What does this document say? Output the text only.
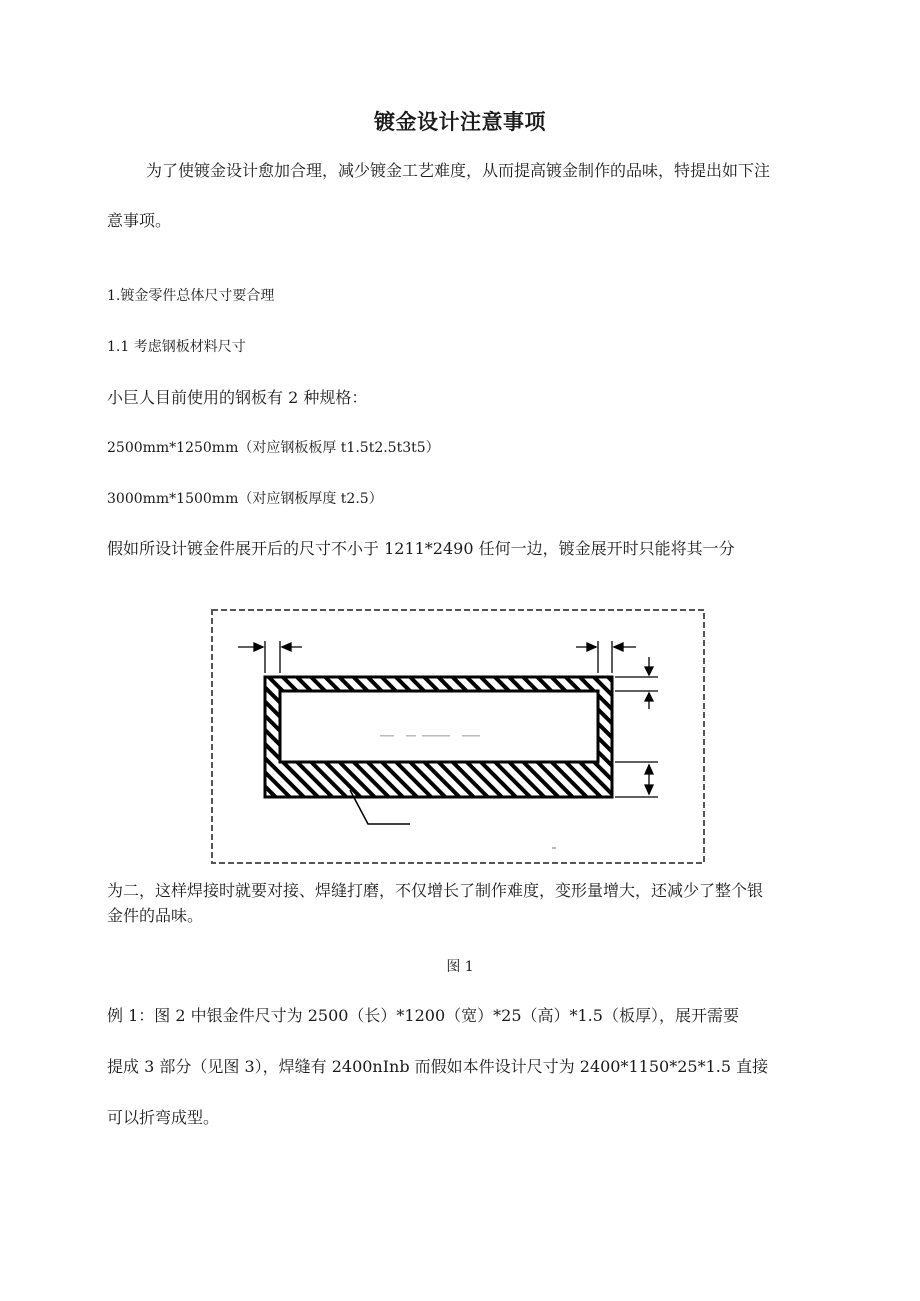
镀金设计注意事项

为了使镀金设计愈加合理，减少镀金工艺难度，从而提高镀金制作的品味，特提出如下注

意事项。

1.镀金零件总体尺寸要合理

1.1 考虑钢板材料尺寸

小巨人目前使用的钢板有 2 种规格：

2500mm*1250mm（对应钢板板厚 t1.5t2.5t3t5）

3000mm*1500mm（对应钢板厚度 t2.5）

假如所设计镀金件展开后的尺寸不小于 1211*2490 任何一边，镀金展开时只能将其一分

为二，这样焊接时就要对接、焊缝打磨，不仅增长了制作难度，变形量增大，还减少了整个银

金件的品味。

图 1

例 1：图 2 中银金件尺寸为 2500（长）*1200（宽）*25（高）*1.5（板厚），展开需要

提成 3 部分（见图 3），焊缝有 2400nInb 而假如本件设计尺寸为 2400*1150*25*1.5 直接

可以折弯成型。
